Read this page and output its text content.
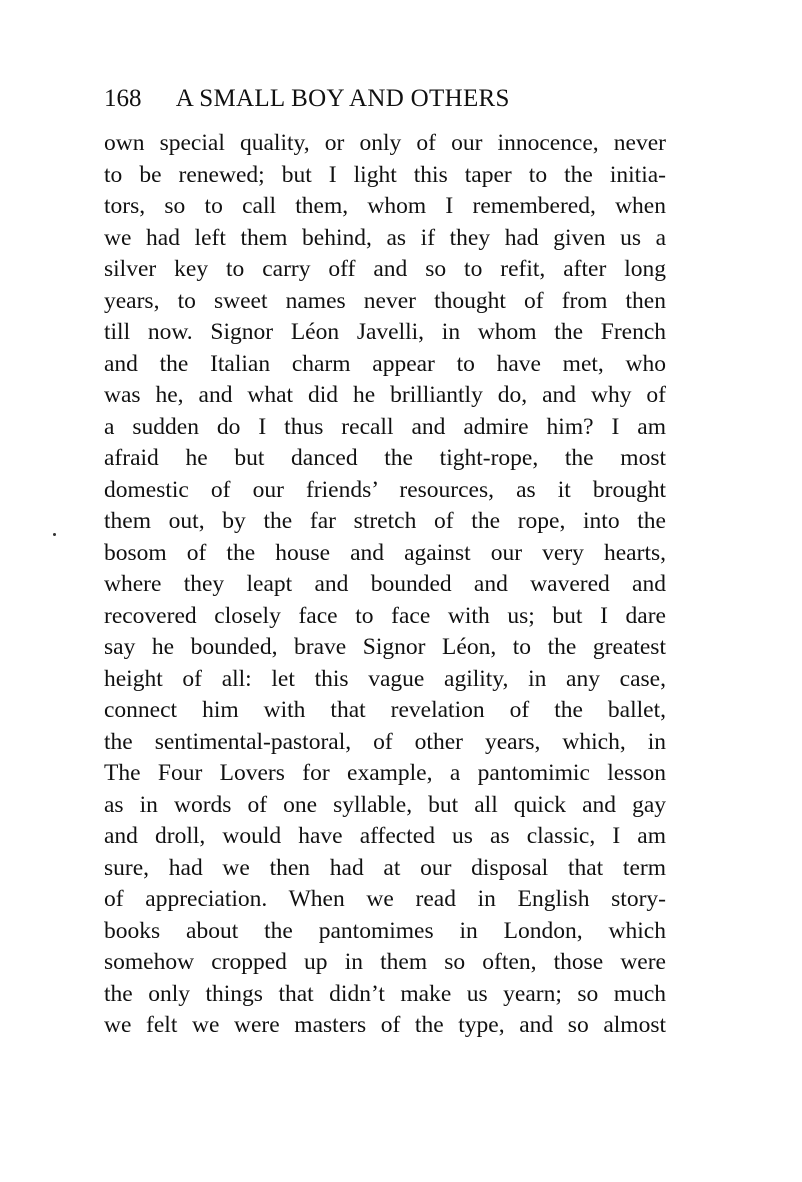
168 A SMALL BOY AND OTHERS
own special quality, or only of our innocence, never
to be renewed; but I light this taper to the initia-
tors, so to call them, whom I remembered, when
we had left them behind, as if they had given us a
silver key to carry off and so to refit, after long
years, to sweet names never thought of from then
till now. Signor Léon Javelli, in whom the French
and the Italian charm appear to have met, who
was he, and what did he brilliantly do, and why of
a sudden do I thus recall and admire him? I am
afraid he but danced the tight-rope, the most
domestic of our friends’ resources, as it brought
them out, by the far stretch of the rope, into the
bosom of the house and against our very hearts,
where they leapt and bounded and wavered and
recovered closely face to face with us; but I dare
say he bounded, brave Signor Léon, to the greatest
height of all: let this vague agility, in any case,
connect him with that revelation of the ballet,
the sentimental-pastoral, of other years, which, in
The Four Lovers for example, a pantomimic lesson
as in words of one syllable, but all quick and gay
and droll, would have affected us as classic, I am
sure, had we then had at our disposal that term
of appreciation. When we read in English story-
books about the pantomimes in London, which
somehow cropped up in them so often, those were
the only things that didn’t make us yearn; so much
we felt we were masters of the type, and so almost
